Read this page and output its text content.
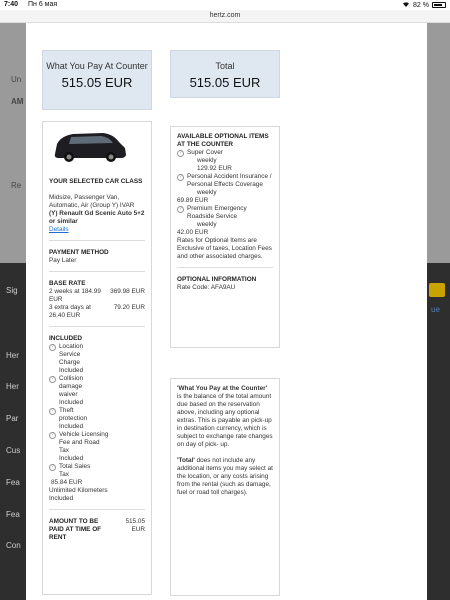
7:40 Пн 6 мая	82 %
hertz.com
Un
AM
Re
Sig
Her
Her
Par
Cus
Fea
Fea
Con
ue
What You Pay At Counter
515.05 EUR
Total
515.05 EUR
YOUR SELECTED CAR CLASS
Midsize, Passenger Van, Automatic, Air (Group Y) IVAR
(Y) Renault Gd Scenic Auto 5+2 or similar
Details
PAYMENT METHOD
Pay Later
BASE RATE
2 weeks at 184.99 EUR
369.98 EUR
3 extra days at 26.40 EUR
79.20 EUR
INCLUDED
? Location Service Charge
Included
? Collision damage waiver
Included
? Theft protection
Included
? Vehicle Licensing Fee and Road Tax
Included
? Total Sales Tax
85.84 EUR
Unlimited Kilometers
Included
AMOUNT TO BE PAID AT TIME OF RENT
515.05 EUR
AVAILABLE OPTIONAL ITEMS AT THE COUNTER
? Super Cover
weekly
129.92 EUR
? Personal Accident Insurance / Personal Effects Coverage
weekly
69.89 EUR
? Premium Emergency Roadside Service
weekly
42.00 EUR
Rates for Optional Items are Exclusive of taxes, Location Fees and other associated charges.
OPTIONAL INFORMATION
Rate Code: AFA9AU
'What You Pay at the Counter' is the balance of the total amount due based on the reservation above, including any optional extras. This is payable an pick-up in destination currency, which is subject to exchange rate changes on day of pick- up.
'Total' does not include any additional items you may select at the location, or any costs arising from the rental (such as damage, fuel or road toll charges).
